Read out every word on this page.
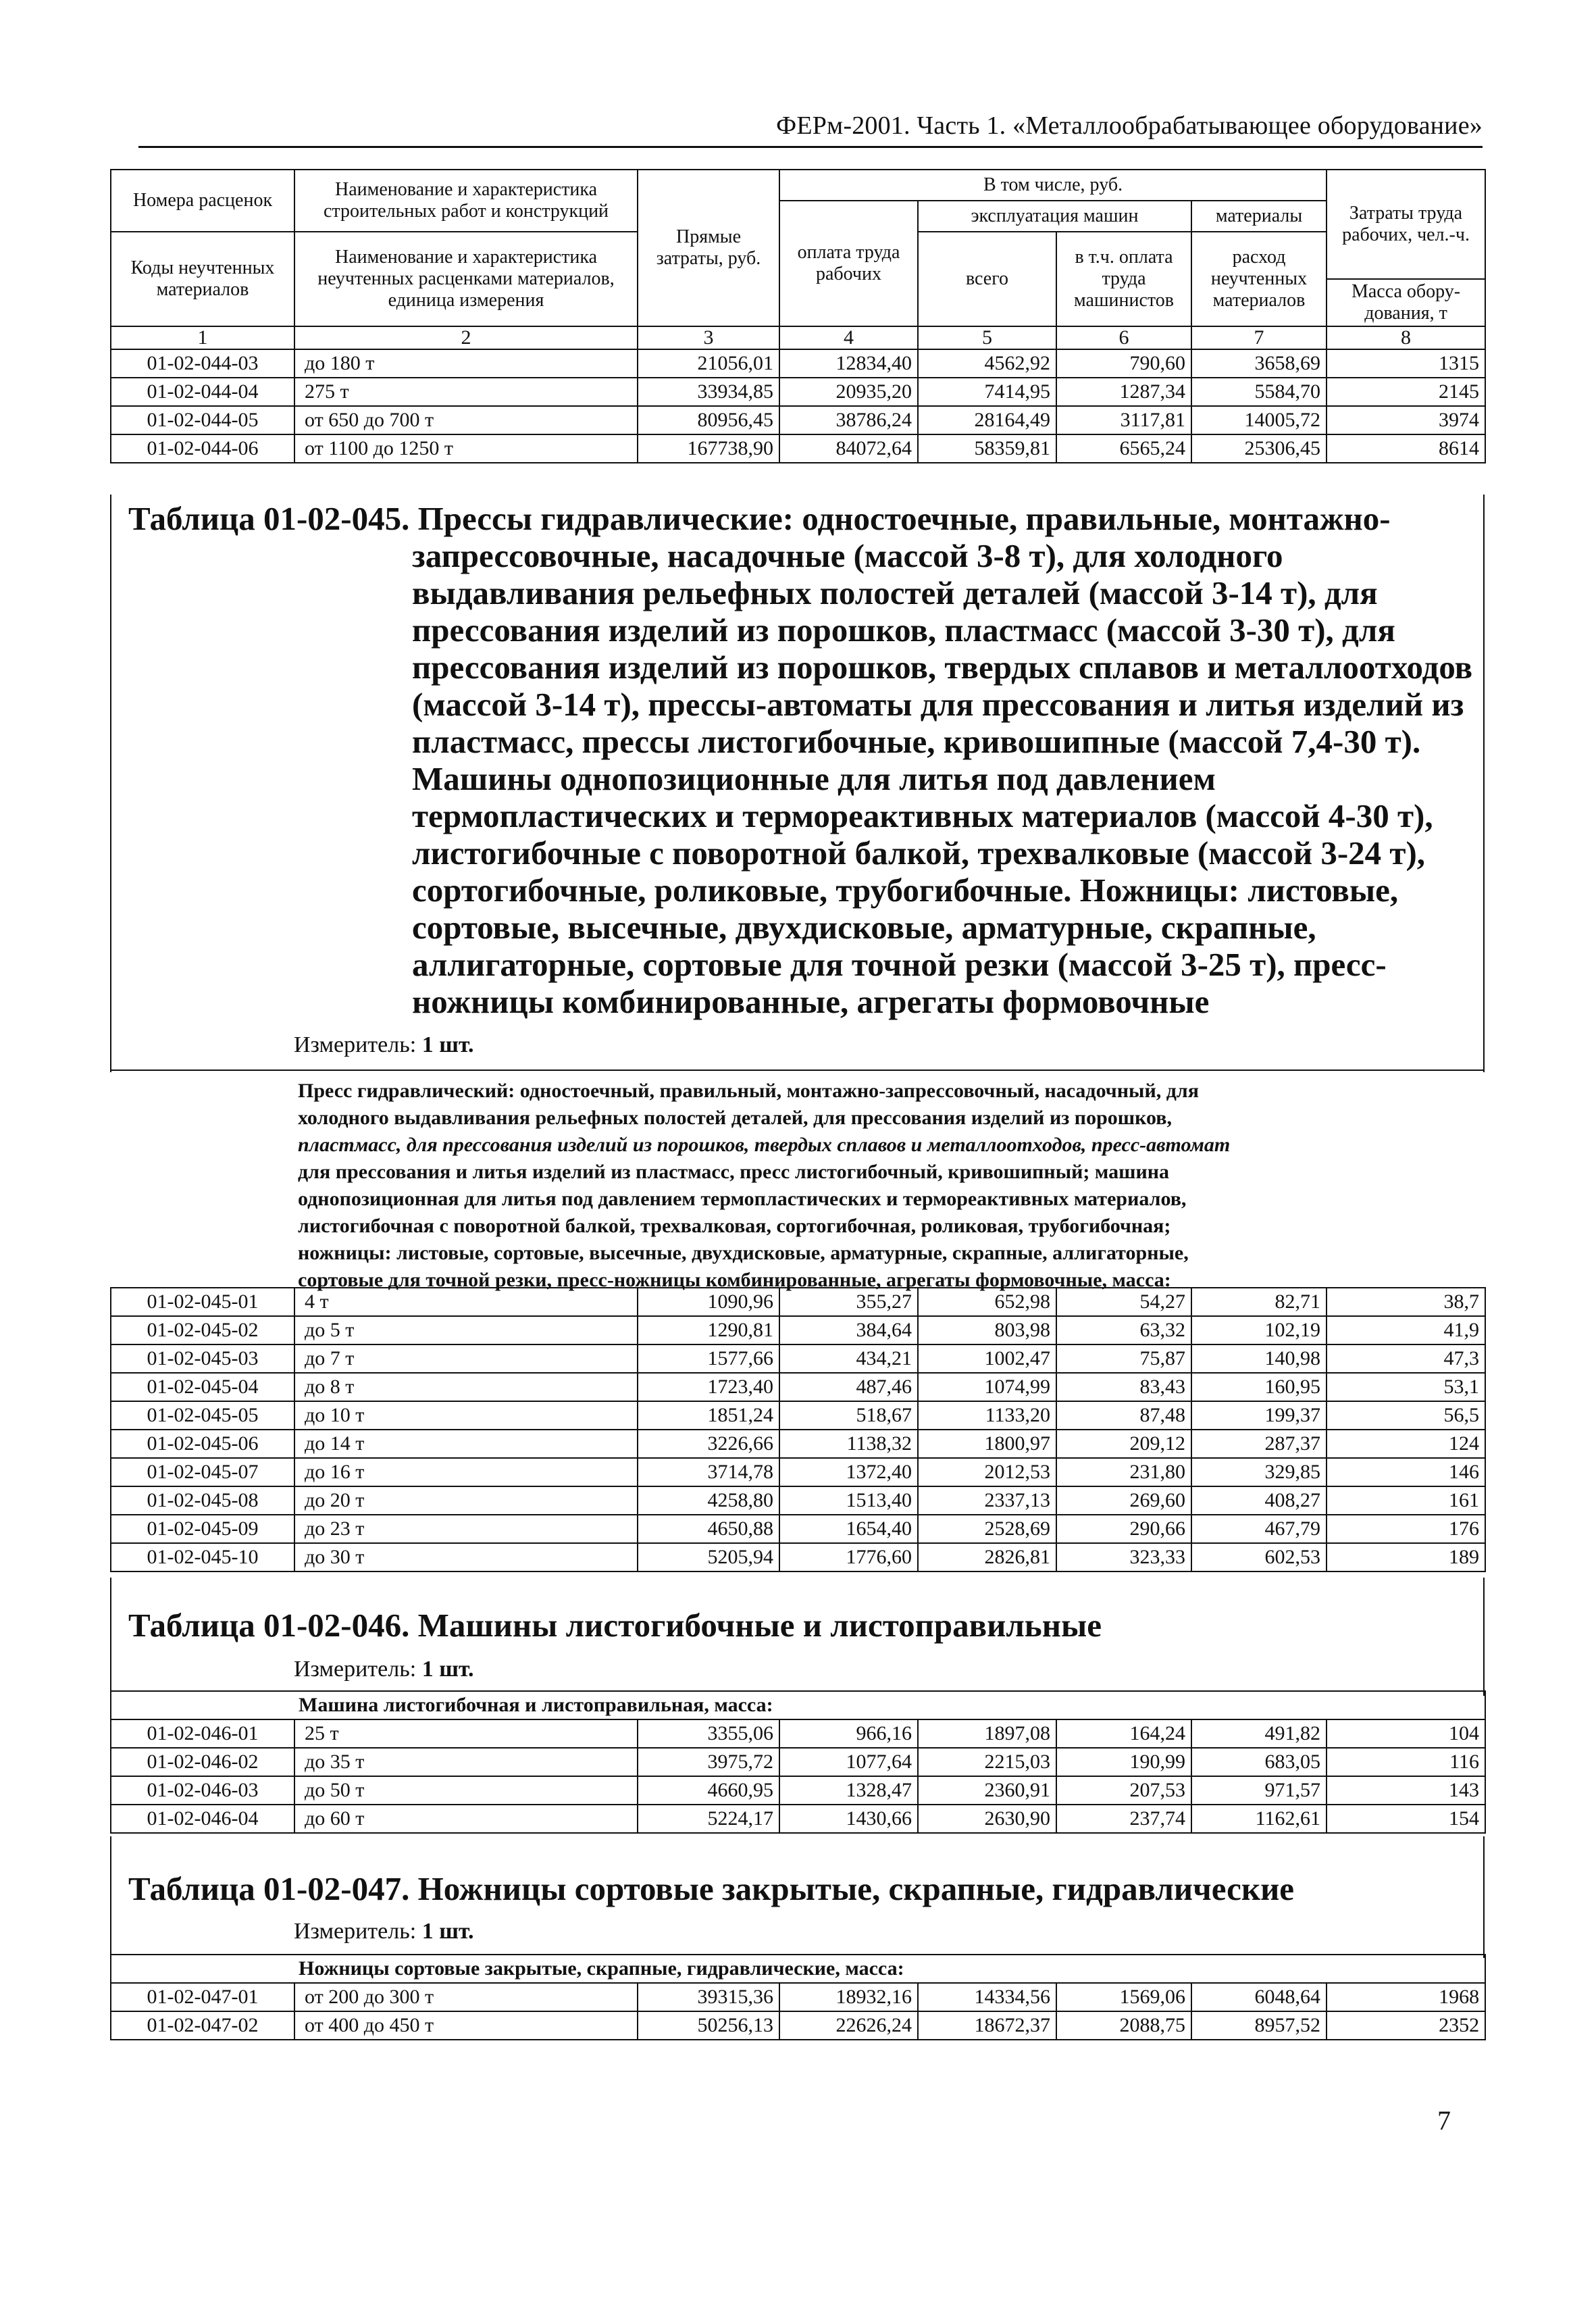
ФЕРм-2001. Часть 1. «Металлообрабатывающее оборудование»
Номера расценок	Наименование и характеристика строительных работ и конструкций	Прямые затраты, руб.	В том числе, руб.				Затраты труда рабочих, чел.-ч.
			оплата труда рабочих	эксплуатация машин		материалы	
Коды неучтенных материалов	Наименование и характеристика неучтенных расценками материалов, единица измерения			всего	в т.ч. оплата труда машинистов	расход неучтенных материалов	
							Масса обору-дования, т
1	2	3	4	5	6	7	8
01-02-044-03	до 180 т	21056,01	12834,40	4562,92	790,60	3658,69	1315
01-02-044-04	275 т	33934,85	20935,20	7414,95	1287,34	5584,70	2145
01-02-044-05	от 650 до 700 т	80956,45	38786,24	28164,49	3117,81	14005,72	3974
01-02-044-06	от 1100 до 1250 т	167738,90	84072,64	58359,81	6565,24	25306,45	8614
Таблица 01-02-045. Прессы гидравлические: одностоечные, правильные, монтажно-
запрессовочные, насадочные (массой 3-8 т), для холодного
выдавливания рельефных полостей деталей (массой 3-14 т), для
прессования изделий из порошков, пластмасс (массой 3-30 т), для
прессования изделий из порошков, твердых сплавов и металлоотходов
(массой 3-14 т), прессы-автоматы для прессования и литья изделий из
пластмасс, прессы листогибочные, кривошипные (массой 7,4-30 т).
Машины однопозиционные для литья под давлением
термопластических и термореактивных материалов (массой 4-30 т),
листогибочные с поворотной балкой, трехвалковые (массой 3-24 т),
сортогибочные, роликовые, трубогибочные. Ножницы: листовые,
сортовые, высечные, двухдисковые, арматурные, скрапные,
аллигаторные, сортовые для точной резки (массой 3-25 т), пресс-
ножницы комбинированные, агрегаты формовочные
Измеритель: 1 шт.
Пресс гидравлический: одностоечный, правильный, монтажно-запрессовочный, насадочный, для
холодного выдавливания рельефных полостей деталей, для прессования изделий из порошков,
пластмасс, для прессования изделий из порошков, твердых сплавов и металлоотходов, пресс-автомат
для прессования и литья изделий из пластмасс, пресс листогибочный, кривошипный; машина
однопозиционная для литья под давлением термопластических и термореактивных материалов,
листогибочная с поворотной балкой, трехвалковая, сортогибочная, роликовая, трубогибочная;
ножницы: листовые, сортовые, высечные, двухдисковые, арматурные, скрапные, аллигаторные,
сортовые для точной резки, пресс-ножницы комбинированные, агрегаты формовочные, масса:
01-02-045-01	4 т	1090,96	355,27	652,98	54,27	82,71	38,7
01-02-045-02	до 5 т	1290,81	384,64	803,98	63,32	102,19	41,9
01-02-045-03	до 7 т	1577,66	434,21	1002,47	75,87	140,98	47,3
01-02-045-04	до 8 т	1723,40	487,46	1074,99	83,43	160,95	53,1
01-02-045-05	до 10 т	1851,24	518,67	1133,20	87,48	199,37	56,5
01-02-045-06	до 14 т	3226,66	1138,32	1800,97	209,12	287,37	124
01-02-045-07	до 16 т	3714,78	1372,40	2012,53	231,80	329,85	146
01-02-045-08	до 20 т	4258,80	1513,40	2337,13	269,60	408,27	161
01-02-045-09	до 23 т	4650,88	1654,40	2528,69	290,66	467,79	176
01-02-045-10	до 30 т	5205,94	1776,60	2826,81	323,33	602,53	189
Таблица 01-02-046. Машины листогибочные и листоправильные
Измеритель: 1 шт.
	Машина листогибочная и листоправильная, масса:						
01-02-046-01	25 т	3355,06	966,16	1897,08	164,24	491,82	104
01-02-046-02	до 35 т	3975,72	1077,64	2215,03	190,99	683,05	116
01-02-046-03	до 50 т	4660,95	1328,47	2360,91	207,53	971,57	143
01-02-046-04	до 60 т	5224,17	1430,66	2630,90	237,74	1162,61	154
Таблица 01-02-047. Ножницы сортовые закрытые, скрапные, гидравлические
Измеритель: 1 шт.
	Ножницы сортовые закрытые, скрапные, гидравлические, масса:						
01-02-047-01	от 200 до 300 т	39315,36	18932,16	14334,56	1569,06	6048,64	1968
01-02-047-02	от 400 до 450 т	50256,13	22626,24	18672,37	2088,75	8957,52	2352
7
